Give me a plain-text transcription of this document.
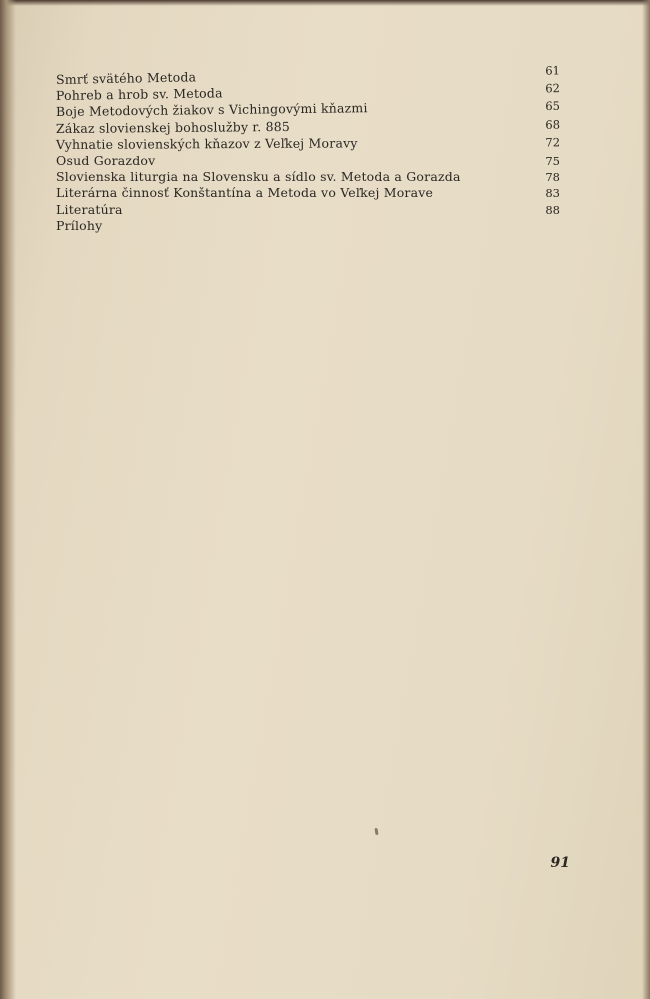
Smrť svätého Metoda	61
Pohreb a hrob sv. Metoda	62
Boje Metodových žiakov s Vichingovými kňazmi	65
Zákaz slovienskej bohoslužby r. 885	68
Vyhnatie slovienských kňazov z Veľkej Moravy	72
Osud Gorazdov	75
Slovienska liturgia na Slovensku a sídlo sv. Metoda a Gorazda	78
Literárna činnosť Konštantína a Metoda vo Veľkej Morave	83
Literatúra	88
Prílohy
91
